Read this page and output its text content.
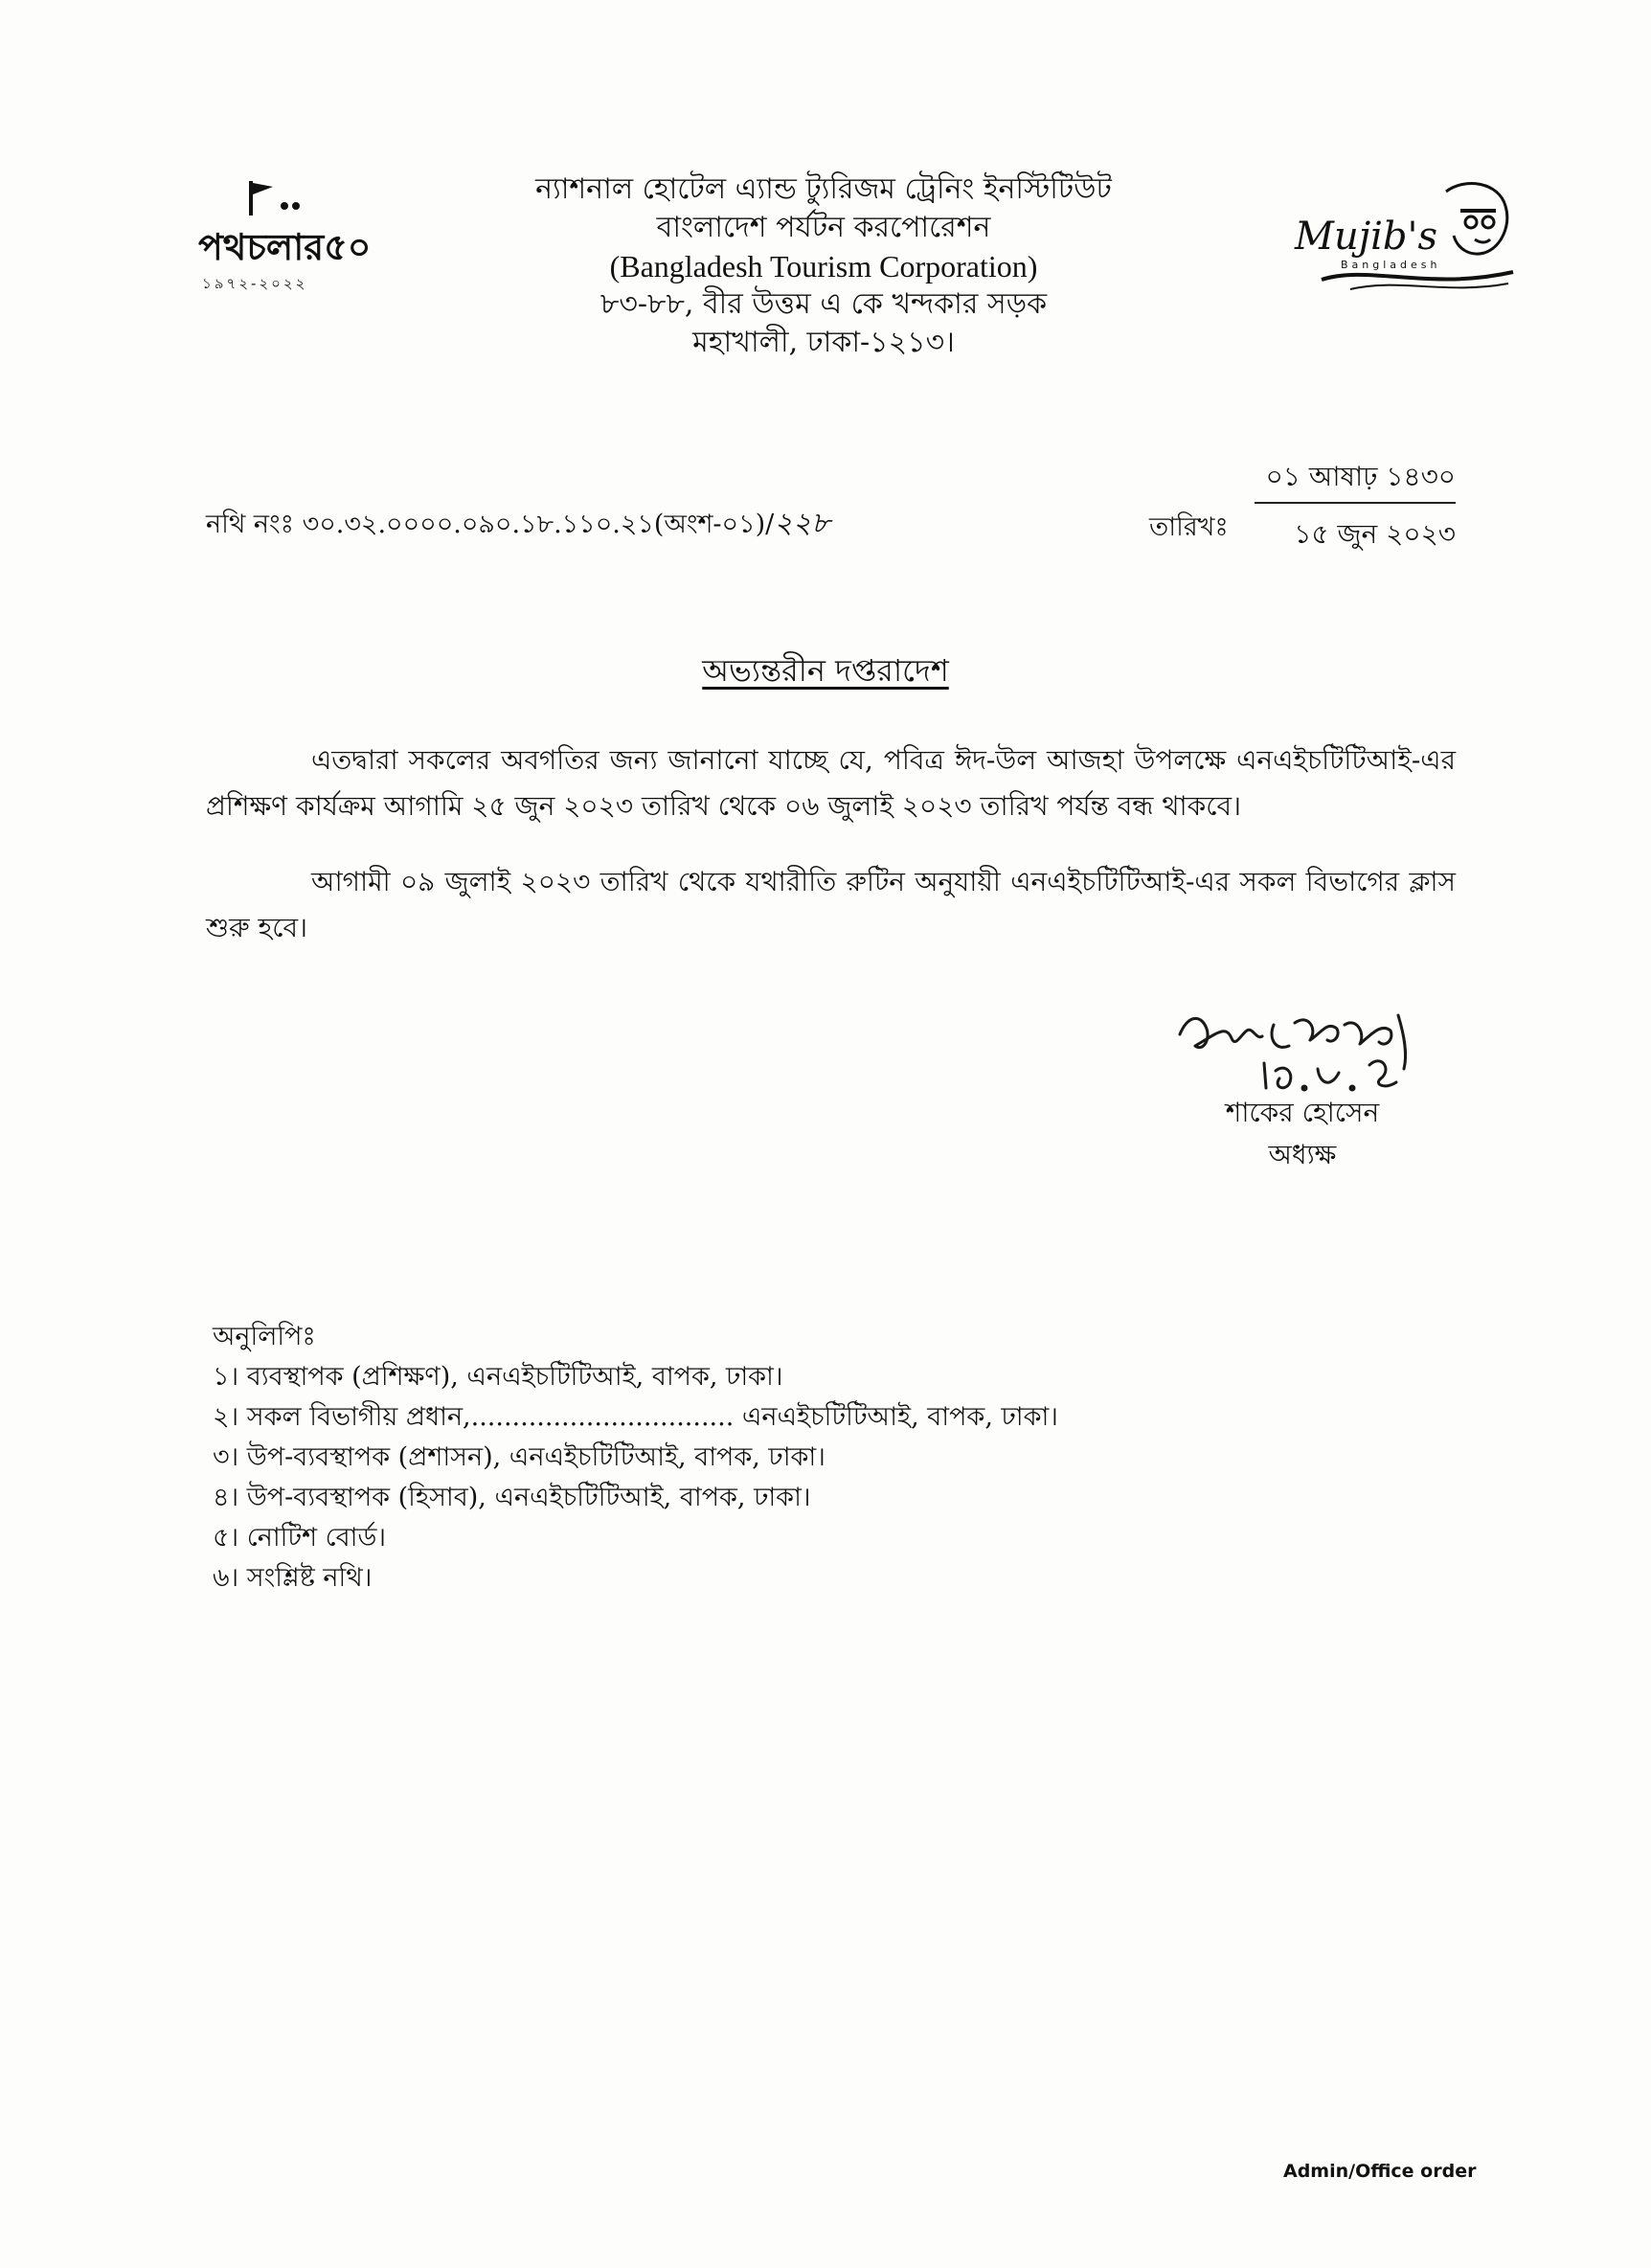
পথচলার৫০
১৯৭২-২০২২
ন্যাশনাল হোটেল এ্যান্ড ট্যুরিজম ট্রেনিং ইনস্টিটিউট
বাংলাদেশ পর্যটন করপোরেশন
(Bangladesh Tourism Corporation)
৮৩-৮৮, বীর উত্তম এ কে খন্দকার সড়ক
মহাখালী, ঢাকা-১২১৩।
Mujib's
Bangladesh
নথি নংঃ ৩০.৩২.০০০০.০৯০.১৮.১১০.২১(অংশ-০১)/২২৮	তারিখঃ
০১ আষাঢ় ১৪৩০
১৫ জুন ২০২৩
অভ্যন্তরীন দপ্তরাদেশ
এতদ্বারা সকলের অবগতির জন্য জানানো যাচ্ছে যে, পবিত্র ঈদ-উল আজহা উপলক্ষে এনএইচটিটিআই-এর প্রশিক্ষণ কার্যক্রম আগামি ২৫ জুন ২০২৩ তারিখ থেকে ০৬ জুলাই ২০২৩ তারিখ পর্যন্ত বন্ধ থাকবে।
আগামী ০৯ জুলাই ২০২৩ তারিখ থেকে যথারীতি রুটিন অনুযায়ী এনএইচটিটিআই-এর সকল বিভাগের ক্লাস শুরু হবে।
শাকের হোসেন
অধ্যক্ষ
অনুলিপিঃ
১। ব্যবস্থাপক (প্রশিক্ষণ), এনএইচটিটিআই, বাপক, ঢাকা।
২। সকল বিভাগীয় প্রধান,................................ এনএইচটিটিআই, বাপক, ঢাকা।
৩। উপ-ব্যবস্থাপক (প্রশাসন), এনএইচটিটিআই, বাপক, ঢাকা।
৪। উপ-ব্যবস্থাপক (হিসাব), এনএইচটিটিআই, বাপক, ঢাকা।
৫। নোটিশ বোর্ড।
৬। সংশ্লিষ্ট নথি।
Admin/Office order
